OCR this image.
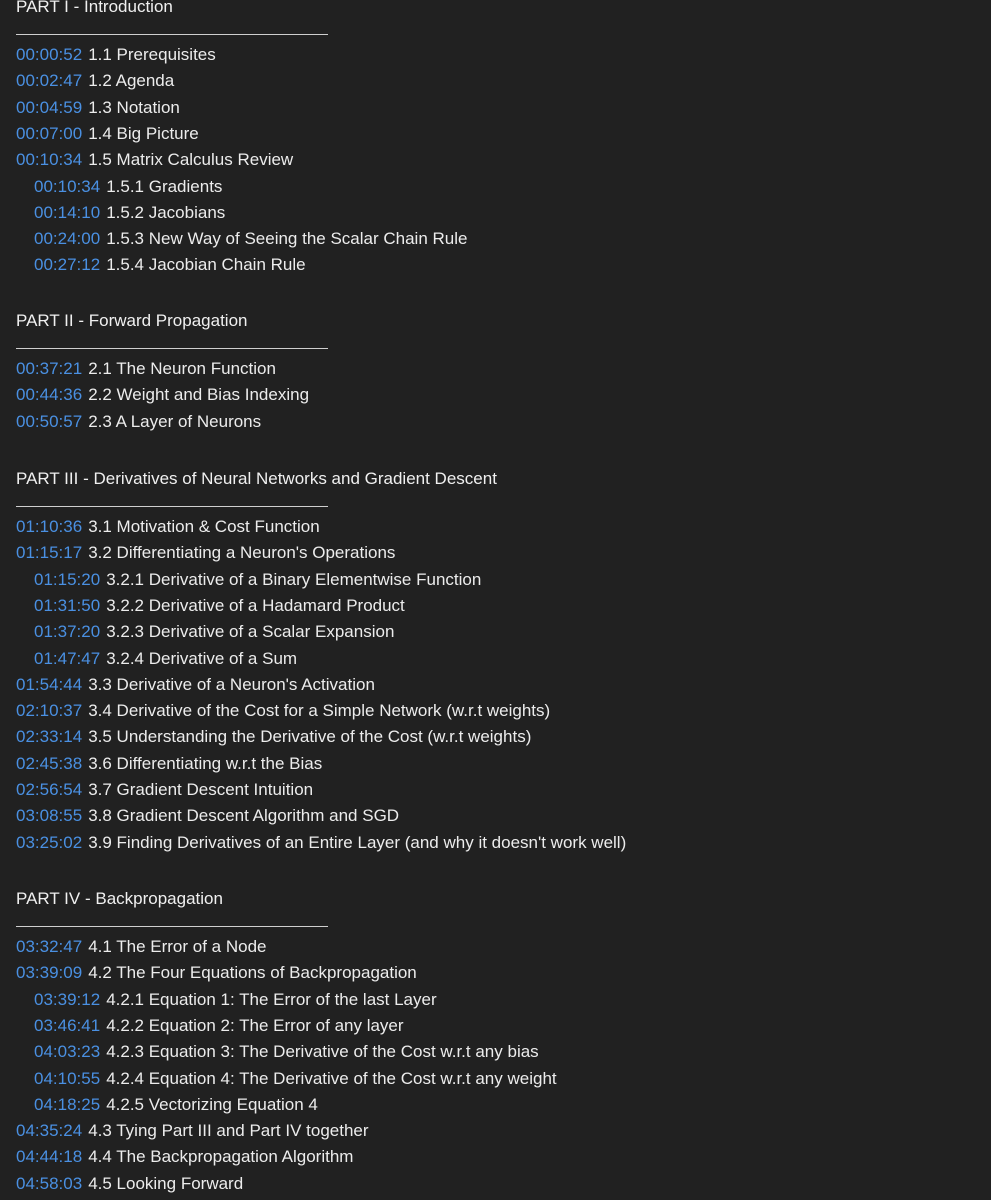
PART I - Introduction
00:00:52 1.1 Prerequisites
00:02:47 1.2 Agenda
00:04:59 1.3 Notation
00:07:00 1.4 Big Picture
00:10:34 1.5 Matrix Calculus Review
00:10:34 1.5.1 Gradients
00:14:10 1.5.2 Jacobians
00:24:00 1.5.3 New Way of Seeing the Scalar Chain Rule
00:27:12 1.5.4 Jacobian Chain Rule
PART II - Forward Propagation
00:37:21 2.1 The Neuron Function
00:44:36 2.2 Weight and Bias Indexing
00:50:57 2.3 A Layer of Neurons
PART III - Derivatives of Neural Networks and Gradient Descent
01:10:36 3.1 Motivation & Cost Function
01:15:17 3.2 Differentiating a Neuron's Operations
01:15:20 3.2.1 Derivative of a Binary Elementwise Function
01:31:50 3.2.2 Derivative of a Hadamard Product
01:37:20 3.2.3 Derivative of a Scalar Expansion
01:47:47 3.2.4 Derivative of a Sum
01:54:44 3.3 Derivative of a Neuron's Activation
02:10:37 3.4 Derivative of the Cost for a Simple Network (w.r.t weights)
02:33:14 3.5 Understanding the Derivative of the Cost (w.r.t weights)
02:45:38 3.6 Differentiating w.r.t the Bias
02:56:54 3.7 Gradient Descent Intuition
03:08:55 3.8 Gradient Descent Algorithm and SGD
03:25:02 3.9 Finding Derivatives of an Entire Layer (and why it doesn't work well)
PART IV - Backpropagation
03:32:47 4.1 The Error of a Node
03:39:09 4.2 The Four Equations of Backpropagation
03:39:12 4.2.1 Equation 1: The Error of the last Layer
03:46:41 4.2.2 Equation 2: The Error of any layer
04:03:23 4.2.3 Equation 3: The Derivative of the Cost w.r.t any bias
04:10:55 4.2.4 Equation 4: The Derivative of the Cost w.r.t any weight
04:18:25 4.2.5 Vectorizing Equation 4
04:35:24 4.3 Tying Part III and Part IV together
04:44:18 4.4 The Backpropagation Algorithm
04:58:03 4.5 Looking Forward
